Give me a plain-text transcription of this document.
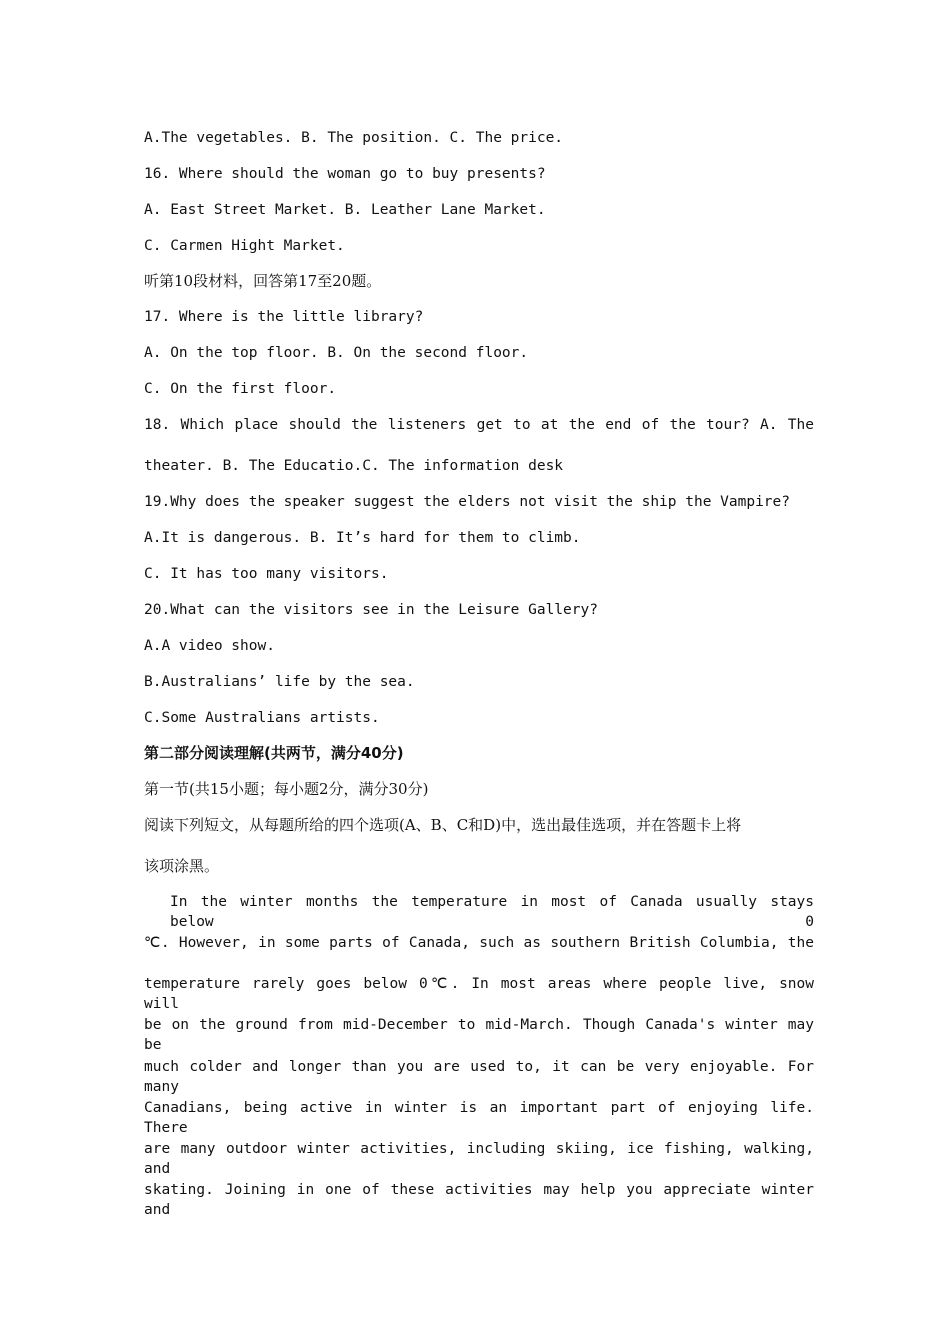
A.The vegetables. B. The position. C. The price.
16. Where should the woman go to buy presents?
A. East Street Market. B. Leather Lane Market.
C. Carmen Hight Market.
听第10段材料，回答第17至20题。
17. Where is the little library?
A. On the top floor. B. On the second floor.
C. On the first floor.
18. Which place should the listeners get to at the end of the tour? A. The
theater. B. The Educatio.C. The information desk
19.Why does the speaker suggest the elders not visit the ship the Vampire?
A.It is dangerous. B. It’s hard for them to climb.
C. It has too many visitors.
20.What can the visitors see in the Leisure Gallery?
A.A video show.
B.Australians’ life by the sea.
C.Some Australians artists.
第二部分阅读理解(共两节，满分40分)
第一节(共15小题；每小题2分，满分30分)
阅读下列短文，从每题所给的四个选项(A、B、C和D)中，选出最佳选项，并在答题卡上将
该项涂黑。
In the winter months the temperature in most of Canada usually stays below 0
℃. However, in some parts of Canada, such as southern British Columbia, the
temperature rarely goes below 0℃. In most areas where people live, snow will
be on the ground from mid-December to mid-March. Though Canada's winter may be
much colder and longer than you are used to, it can be very enjoyable. For many
Canadians, being active in winter is an important part of enjoying life. There
are many outdoor winter activities, including skiing, ice fishing, walking, and
skating. Joining in one of these activities may help you appreciate winter and
